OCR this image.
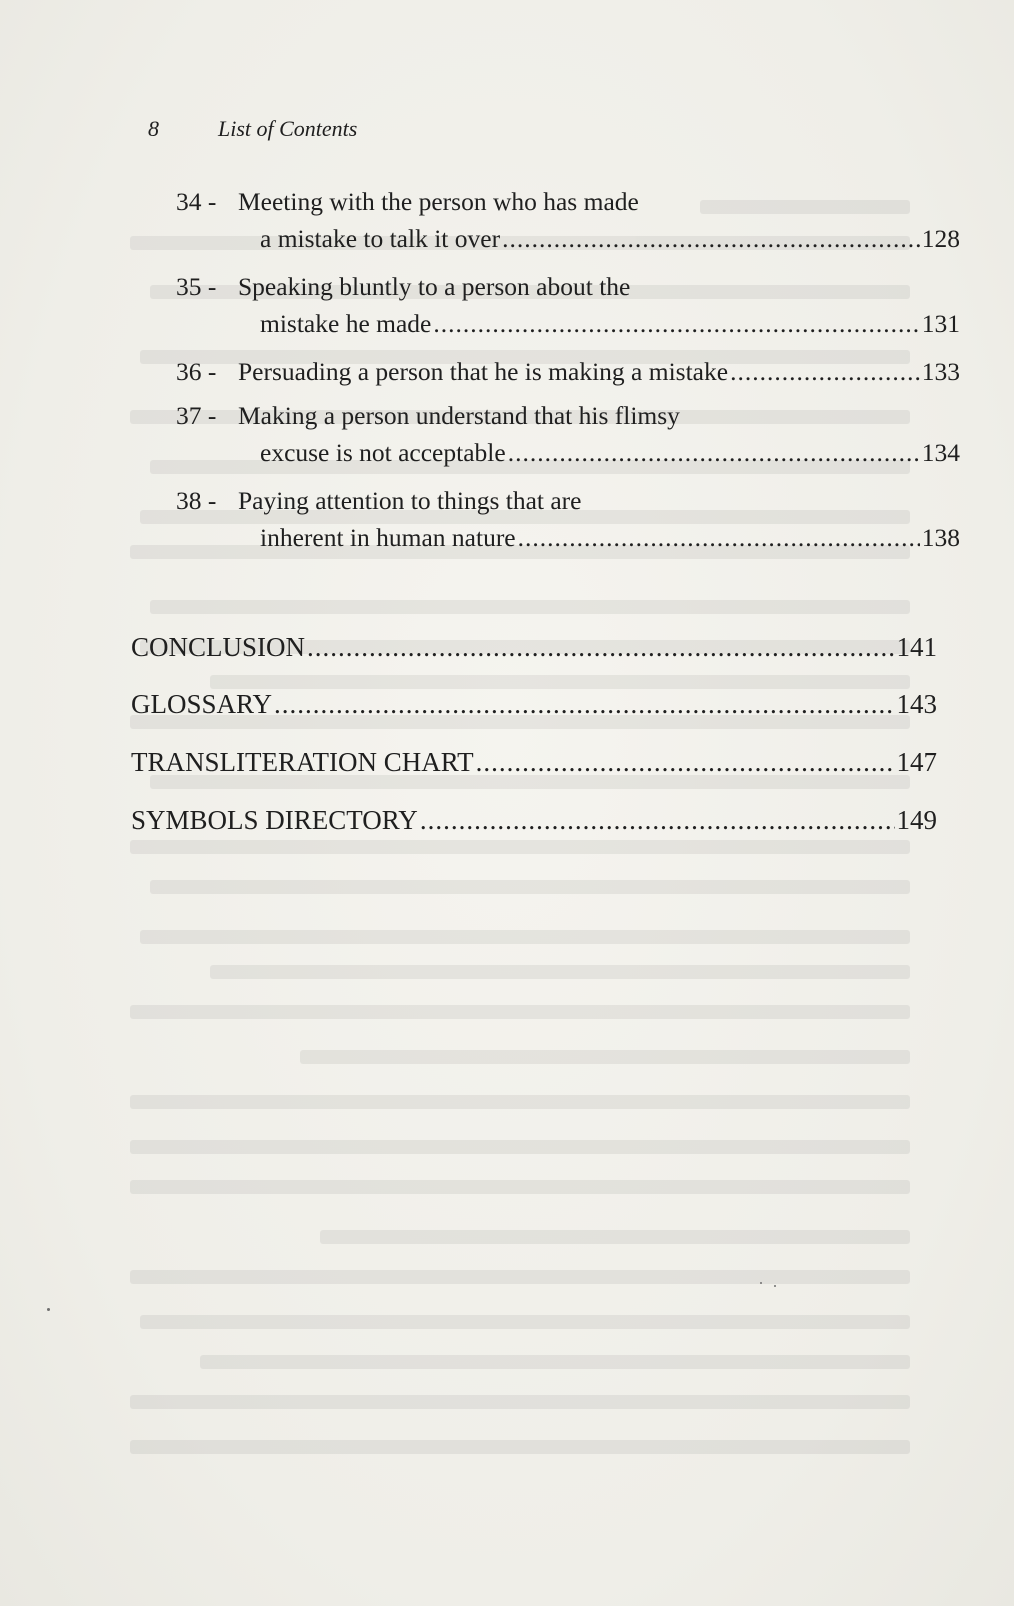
8	List of Contents
34 - Meeting with the person who has made
a mistake to talk it over .....	128
35 - Speaking bluntly to a person about the
mistake he made .....	131
36 - Persuading a person that he is making a mistake .....	133
37 - Making a person understand that his flimsy
excuse is not acceptable .....	134
38 - Paying attention to things that are
inherent in human nature .....	138
CONCLUSION .....	141
GLOSSARY .....	143
TRANSLITERATION CHART .....	147
SYMBOLS DIRECTORY .....	149
